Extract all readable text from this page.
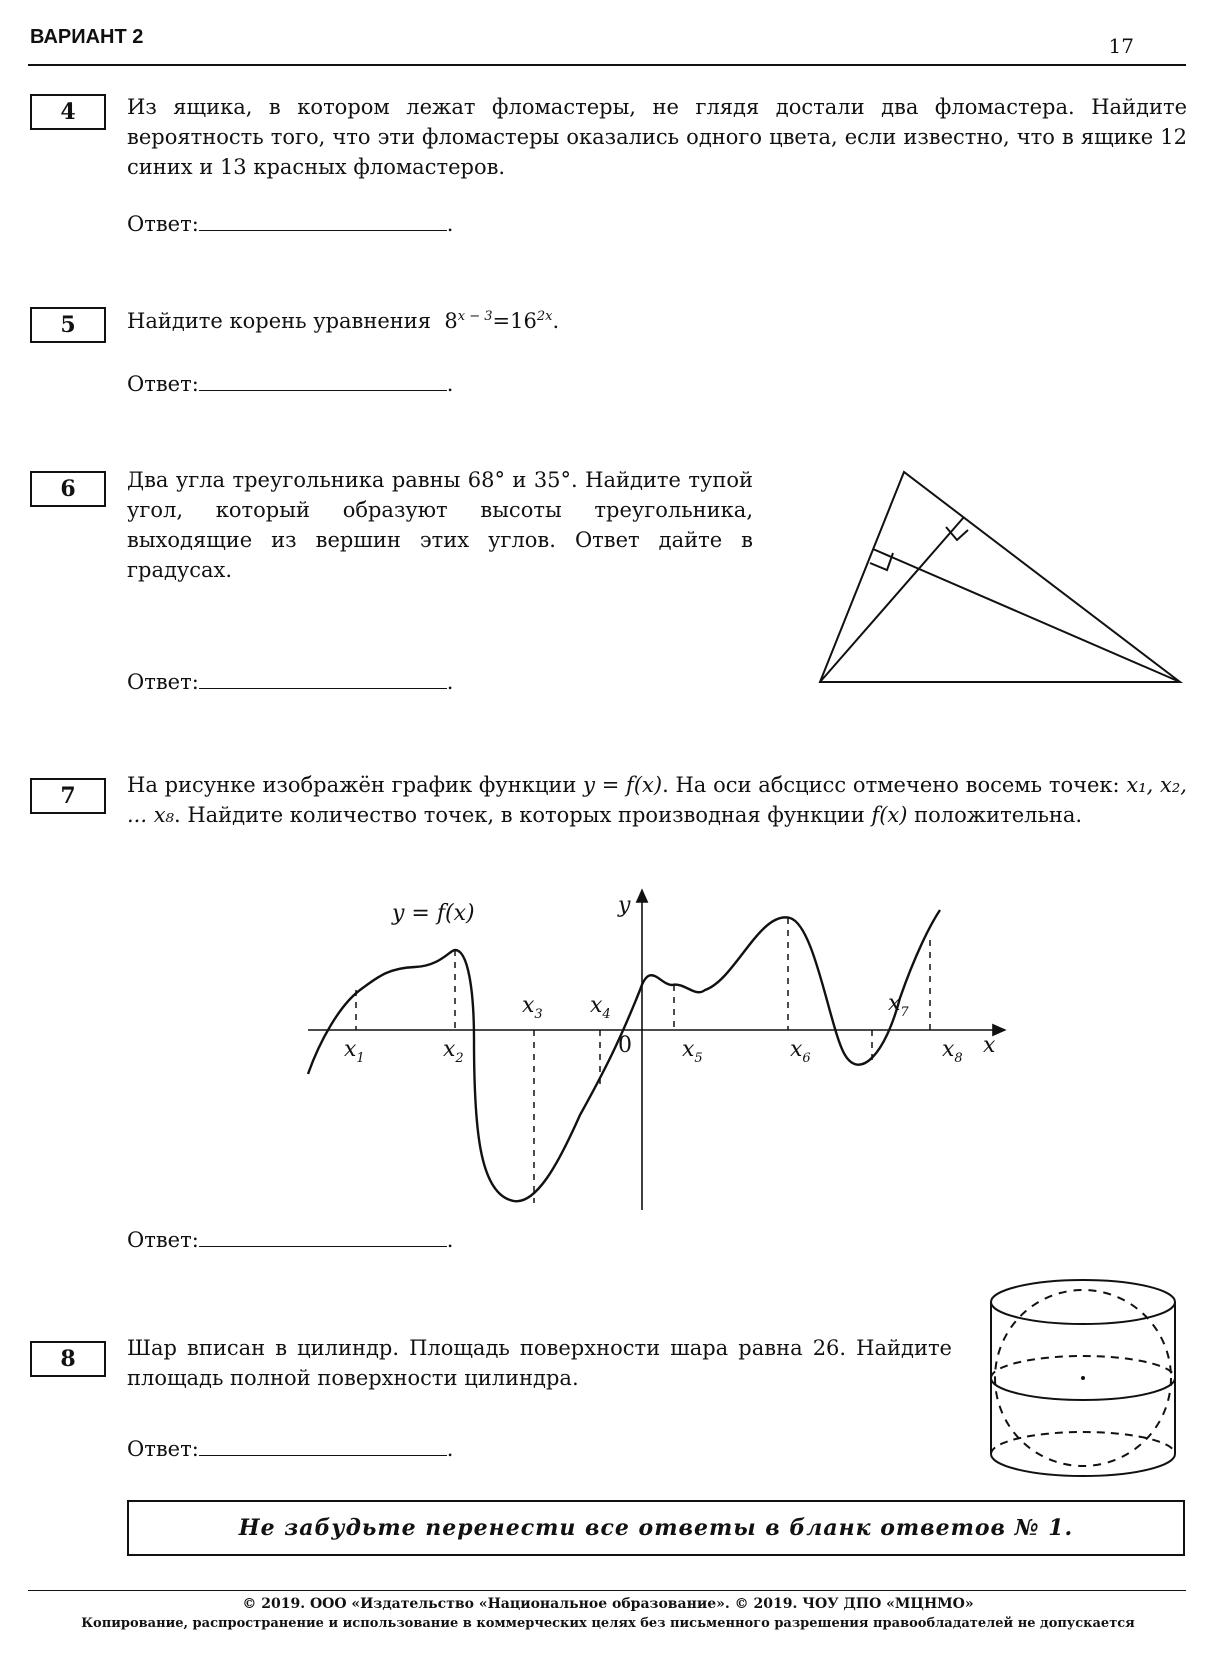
ВАРИАНТ 2	17
4	Из ящика, в котором лежат фломастеры, не глядя достали два фломастера. Найдите вероятность того, что эти фломастеры оказались одного цвета, если известно, что в ящике 12 синих и 13 красных фломастеров.
Ответ:	.
5	Найдите корень уравнения $8^{x - 3}=16^{2x}$.
Ответ:	.
6	Два угла треугольника равны 68° и 35°. Найдите тупой угол, который образуют высоты треугольника, выходящие из вершин этих углов. Ответ дайте в градусах.
Ответ:	.
7	На рисунке изображён график функции y = f(x). На оси абсцисс отмечено восемь точек: x₁, x₂, ... x₈. Найдите количество точек, в которых производная функции f(x) положительна.
y = f(x)	y
x
0
$x_1$	$x_2$
$x_3$ $x_4$
$x_5$	$x_6$
$x_7$
$x_8$
Ответ:	.
8	Шар вписан в цилиндр. Площадь поверхности шара равна 26. Найдите площадь полной поверхности цилиндра.
Ответ:	.
Не забудьте перенести все ответы в бланк ответов № 1.
© 2019. ООО «Издательство «Национальное образование». © 2019. ЧОУ ДПО «МЦНМО»
Копирование, распространение и использование в коммерческих целях без письменного разрешения правообладателей не допускается
